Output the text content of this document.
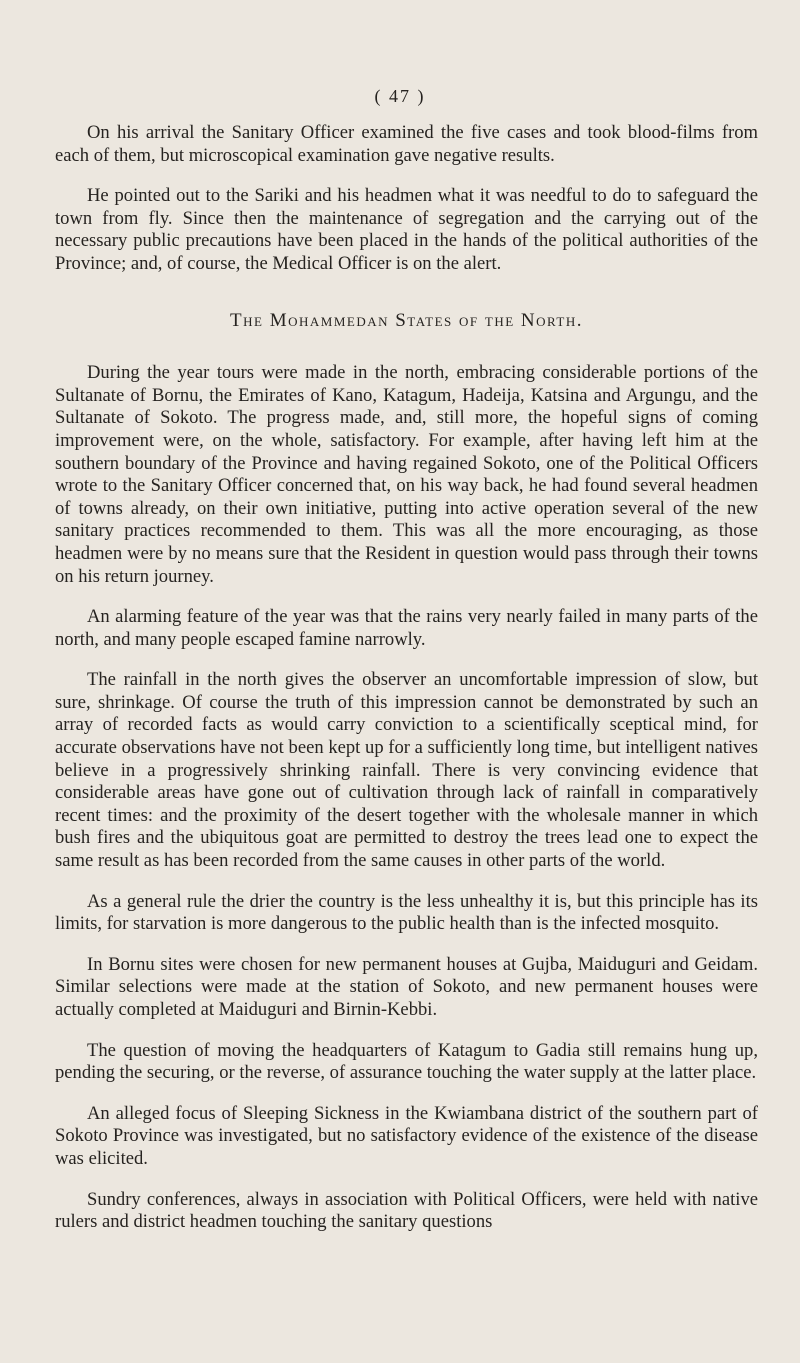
( 47 )

On his arrival the Sanitary Officer examined the five cases and took blood-films from each of them, but microscopical examination gave negative results.

He pointed out to the Sariki and his headmen what it was needful to do to safeguard the town from fly. Since then the maintenance of segregation and the carrying out of the necessary public precautions have been placed in the hands of the political authorities of the Province; and, of course, the Medical Officer is on the alert.

The Mohammedan States of the North.

During the year tours were made in the north, embracing considerable portions of the Sultanate of Bornu, the Emirates of Kano, Katagum, Hadeija, Katsina and Argungu, and the Sultanate of Sokoto. The progress made, and, still more, the hopeful signs of coming improvement were, on the whole, satisfactory. For example, after having left him at the southern boundary of the Province and having regained Sokoto, one of the Political Officers wrote to the Sanitary Officer concerned that, on his way back, he had found several headmen of towns already, on their own initiative, putting into active operation several of the new sanitary practices recommended to them. This was all the more encouraging, as those headmen were by no means sure that the Resident in question would pass through their towns on his return journey.

An alarming feature of the year was that the rains very nearly failed in many parts of the north, and many people escaped famine narrowly.

The rainfall in the north gives the observer an uncomfortable impression of slow, but sure, shrinkage. Of course the truth of this impression cannot be demonstrated by such an array of recorded facts as would carry conviction to a scientifically sceptical mind, for accurate observations have not been kept up for a sufficiently long time, but intelligent natives believe in a progressively shrinking rainfall. There is very convincing evidence that considerable areas have gone out of cultivation through lack of rainfall in comparatively recent times: and the proximity of the desert together with the wholesale manner in which bush fires and the ubiquitous goat are permitted to destroy the trees lead one to expect the same result as has been recorded from the same causes in other parts of the world.

As a general rule the drier the country is the less unhealthy it is, but this principle has its limits, for starvation is more dangerous to the public health than is the infected mosquito.

In Bornu sites were chosen for new permanent houses at Gujba, Maiduguri and Geidam. Similar selections were made at the station of Sokoto, and new permanent houses were actually completed at Maiduguri and Birnin-Kebbi.

The question of moving the headquarters of Katagum to Gadia still remains hung up, pending the securing, or the reverse, of assurance touching the water supply at the latter place.

An alleged focus of Sleeping Sickness in the Kwiambana district of the southern part of Sokoto Province was investigated, but no satisfactory evidence of the existence of the disease was elicited.

Sundry conferences, always in association with Political Officers, were held with native rulers and district headmen touching the sanitary questions
